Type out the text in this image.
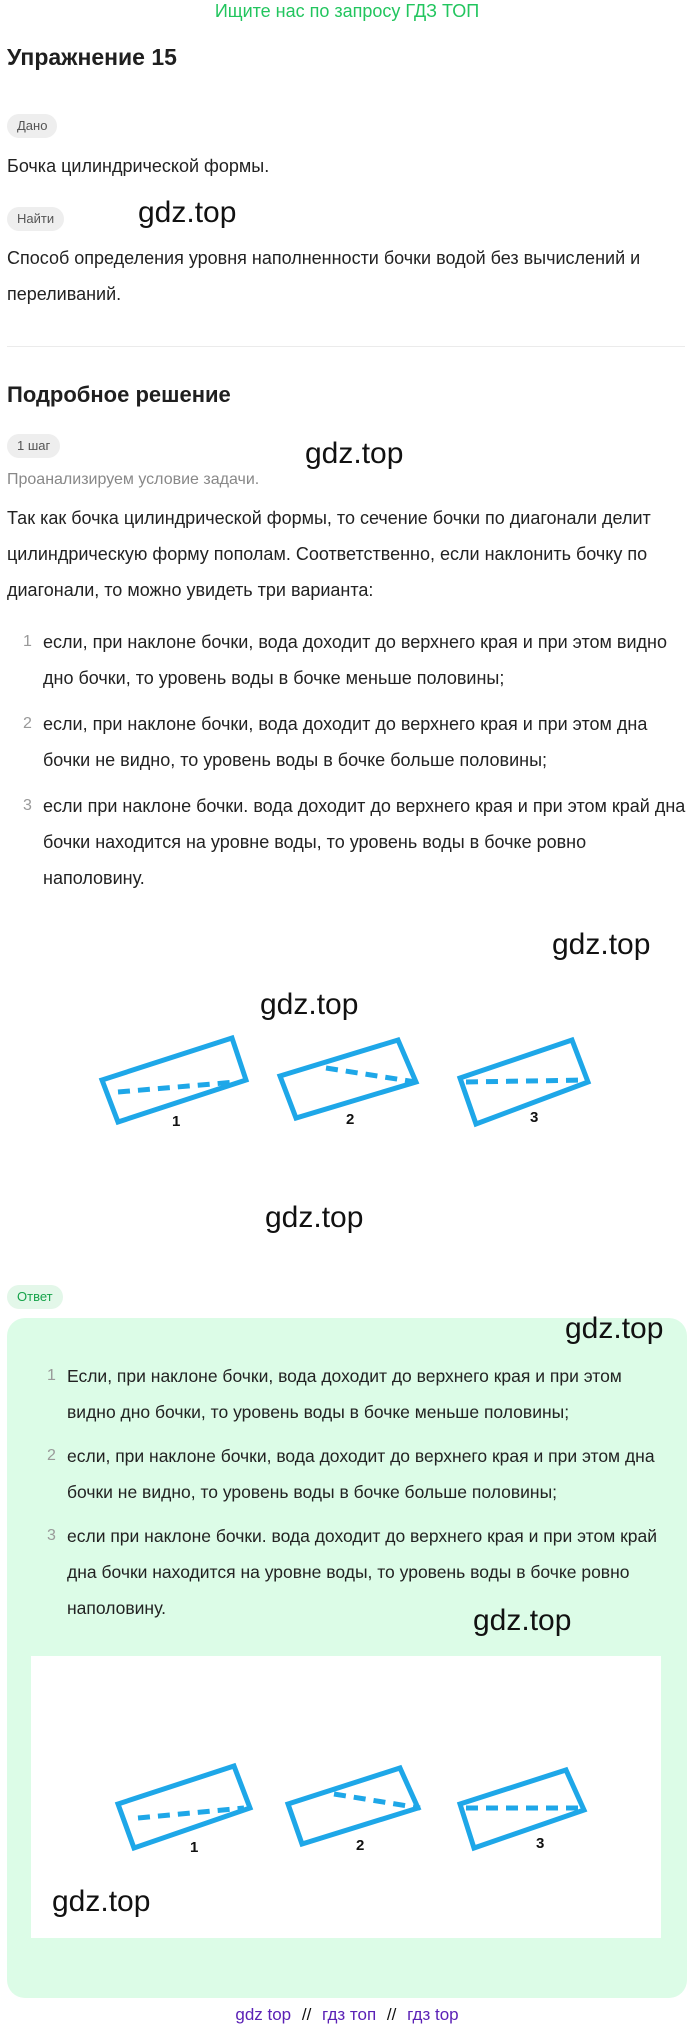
Ищите нас по запросу ГДЗ ТОП
Упражнение 15
Дано
Бочка цилиндрической формы.
Найти	gdz.top
Способ определения уровня наполненности бочки водой без вычислений и переливаний.
Подробное решение
1 шаг	gdz.top
Проанализируем условие задачи.
Так как бочка цилиндрической формы, то сечение бочки по диагонали делит цилиндрическую форму пополам. Соответственно, если наклонить бочку по диагонали, то можно увидеть три варианта:
1 если, при наклоне бочки, вода доходит до верхнего края и при этом видно дно бочки, то уровень воды в бочке меньше половины;
2 если, при наклоне бочки, вода доходит до верхнего края и при этом дна бочки не видно, то уровень воды в бочке больше половины;
3 если при наклоне бочки. вода доходит до верхнего края и при этом край дна бочки находится на уровне воды, то уровень воды в бочке ровно наполовину.
gdz.top
gdz.top
1	2	3
gdz.top
Ответ
gdz.top
1 Если, при наклоне бочки, вода доходит до верхнего края и при этом видно дно бочки, то уровень воды в бочке меньше половины;
2 если, при наклоне бочки, вода доходит до верхнего края и при этом дна бочки не видно, то уровень воды в бочке больше половины;
3 если при наклоне бочки. вода доходит до верхнего края и при этом край дна бочки находится на уровне воды, то уровень воды в бочке ровно наполовину.	gdz.top
1	2	3
gdz.top
gdz top // гдз топ // гдз top
